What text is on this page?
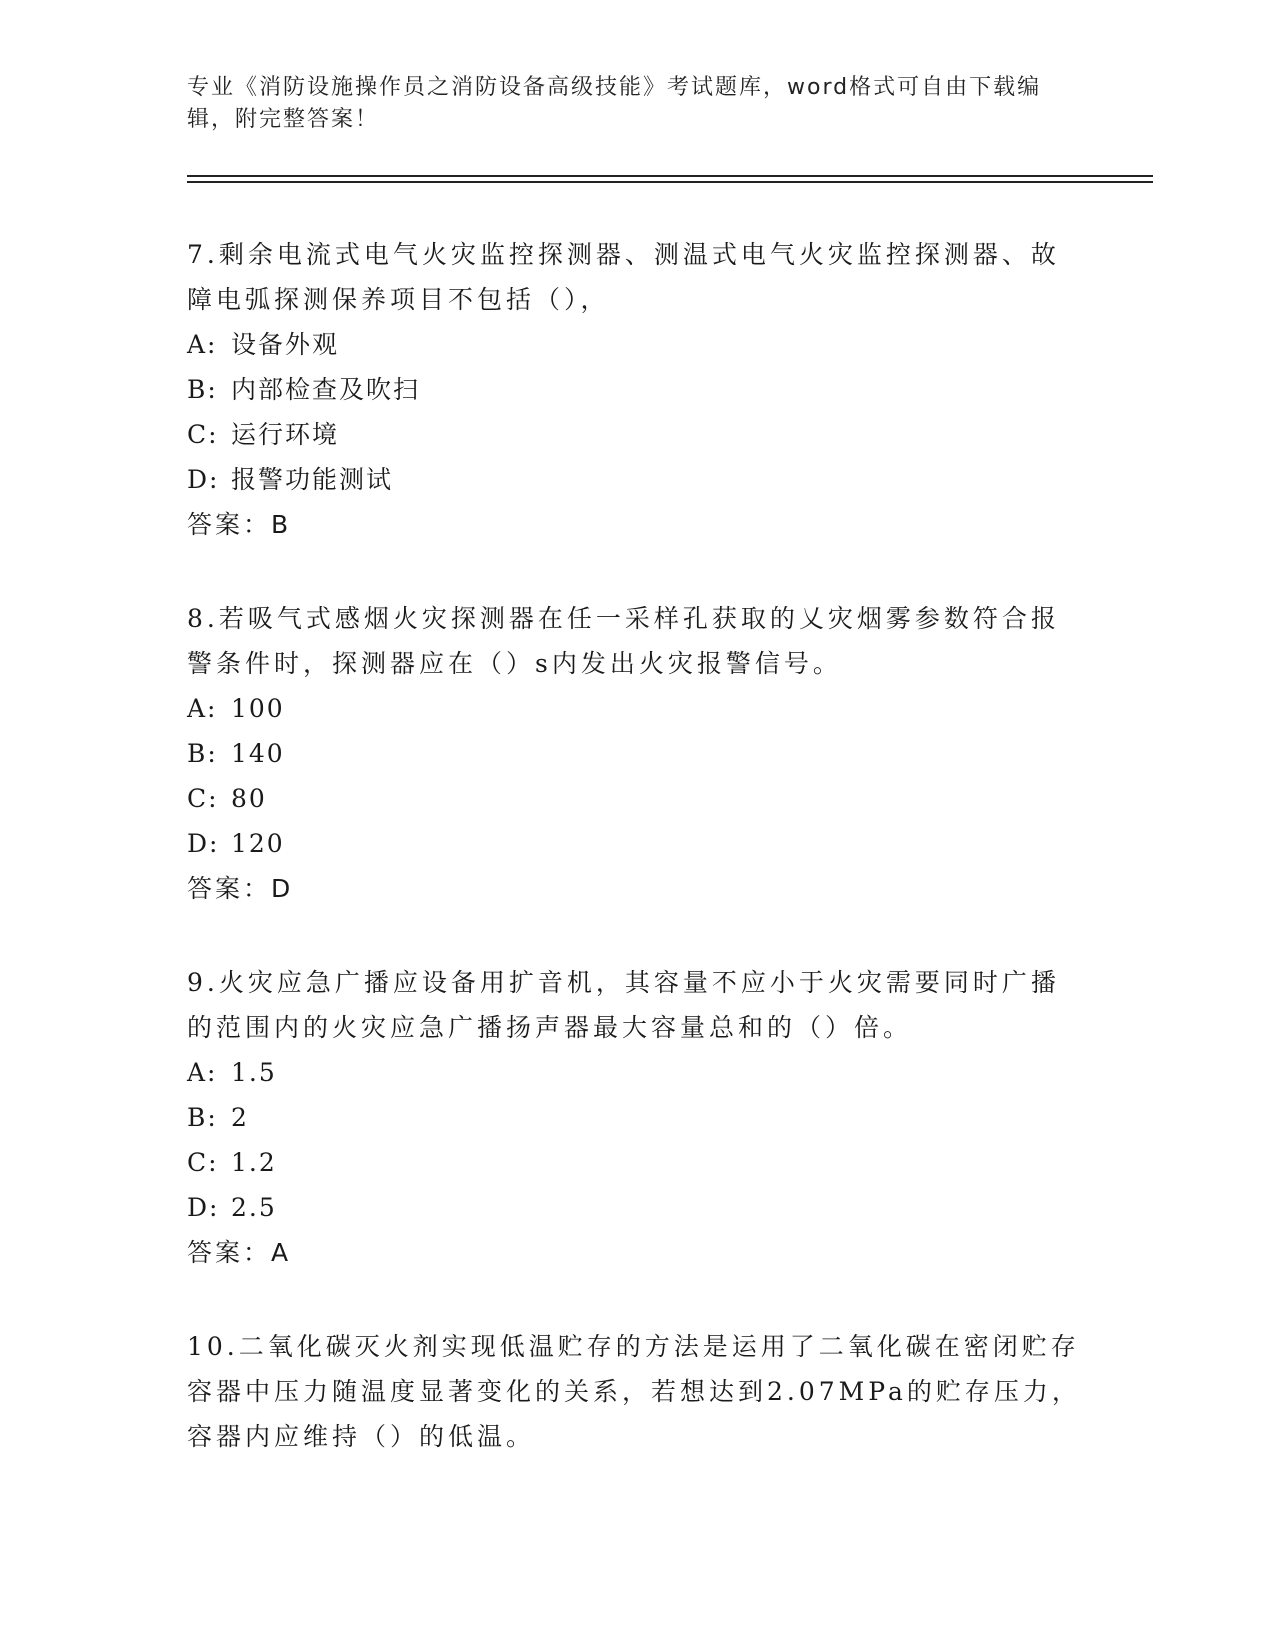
专业《消防设施操作员之消防设备高级技能》考试题库，word格式可自由下载编辑，附完整答案！

7.剩余电流式电气火灾监控探测器、测温式电气火灾监控探测器、故障电弧探测保养项目不包括（），

A: 设备外观

B: 内部检查及吹扫

C: 运行环境

D: 报警功能测试

答案：B

8.若吸气式感烟火灾探测器在任一采样孔获取的乂灾烟雾参数符合报警条件时，探测器应在（）s内发出火灾报警信号。

A: 100

B: 140

C: 80

D: 120

答案：D

9.火灾应急广播应设备用扩音机，其容量不应小于火灾需要同时广播的范围内的火灾应急广播扬声器最大容量总和的（）倍。

A: 1.5

B: 2

C: 1.2

D: 2.5

答案：A

10.二氧化碳灭火剂实现低温贮存的方法是运用了二氧化碳在密闭贮存容器中压力随温度显著变化的关系，若想达到2.07MPa的贮存压力，容器内应维持（）的低温。
